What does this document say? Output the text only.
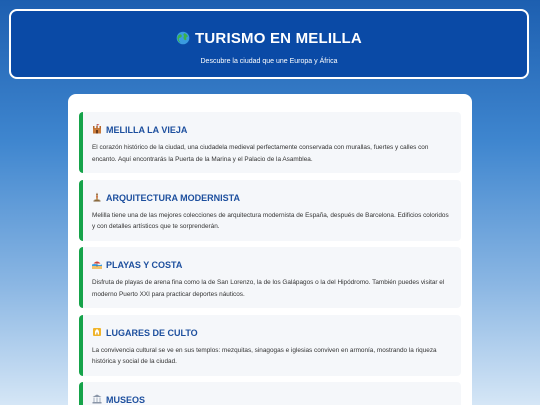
TURISMO EN MELILLA
Descubre la ciudad que une Europa y África
MELILLA LA VIEJA
El corazón histórico de la ciudad, una ciudadela medieval perfectamente conservada con murallas, fuertes y calles con encanto. Aquí encontrarás la Puerta de la Marina y el Palacio de la Asamblea.
ARQUITECTURA MODERNISTA
Melilla tiene una de las mejores colecciones de arquitectura modernista de España, después de Barcelona. Edificios coloridos y con detalles artísticos que te sorprenderán.
PLAYAS Y COSTA
Disfruta de playas de arena fina como la de San Lorenzo, la de los Galápagos o la del Hipódromo. También puedes visitar el moderno Puerto XXI para practicar deportes náuticos.
LUGARES DE CULTO
La convivencia cultural se ve en sus templos: mezquitas, sinagogas e iglesias conviven en armonía, mostrando la riqueza histórica y social de la ciudad.
MUSEOS
